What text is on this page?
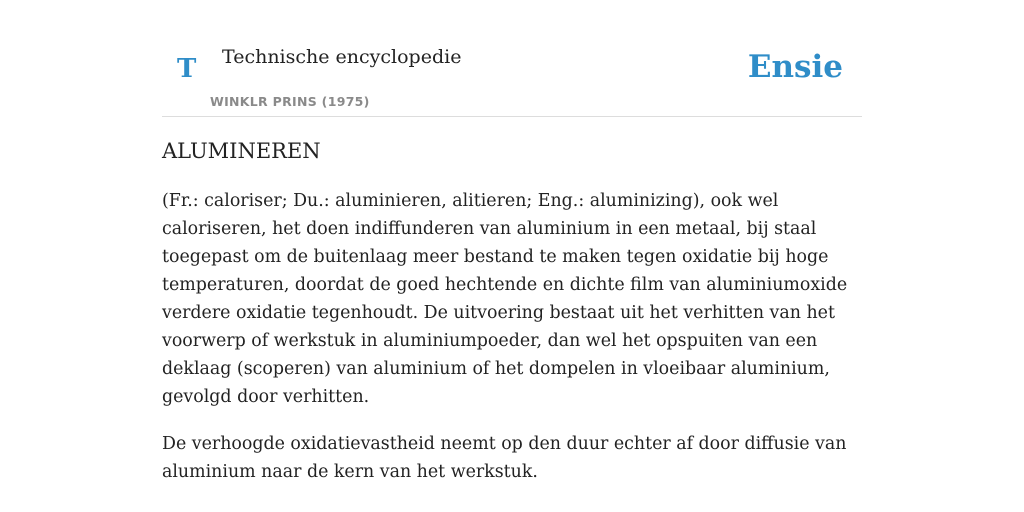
T Technische encyclopedie
WINKLR PRINS (1975)
Ensie
ALUMINEREN

(Fr.: caloriser; Du.: aluminieren, alitieren; Eng.: aluminizing), ook wel caloriseren, het doen indiffunderen van aluminium in een metaal, bij staal toegepast om de buitenlaag meer bestand te maken tegen oxidatie bij hoge temperaturen, doordat de goed hechtende en dichte film van aluminiumoxide verdere oxidatie tegenhoudt. De uitvoering bestaat uit het verhitten van het voorwerp of werkstuk in aluminiumpoeder, dan wel het opspuiten van een deklaag (scoperen) van aluminium of het dompelen in vloeibaar aluminium, gevolgd door verhitten.

De verhoogde oxidatievastheid neemt op den duur echter af door diffusie van aluminium naar de kern van het werkstuk.
